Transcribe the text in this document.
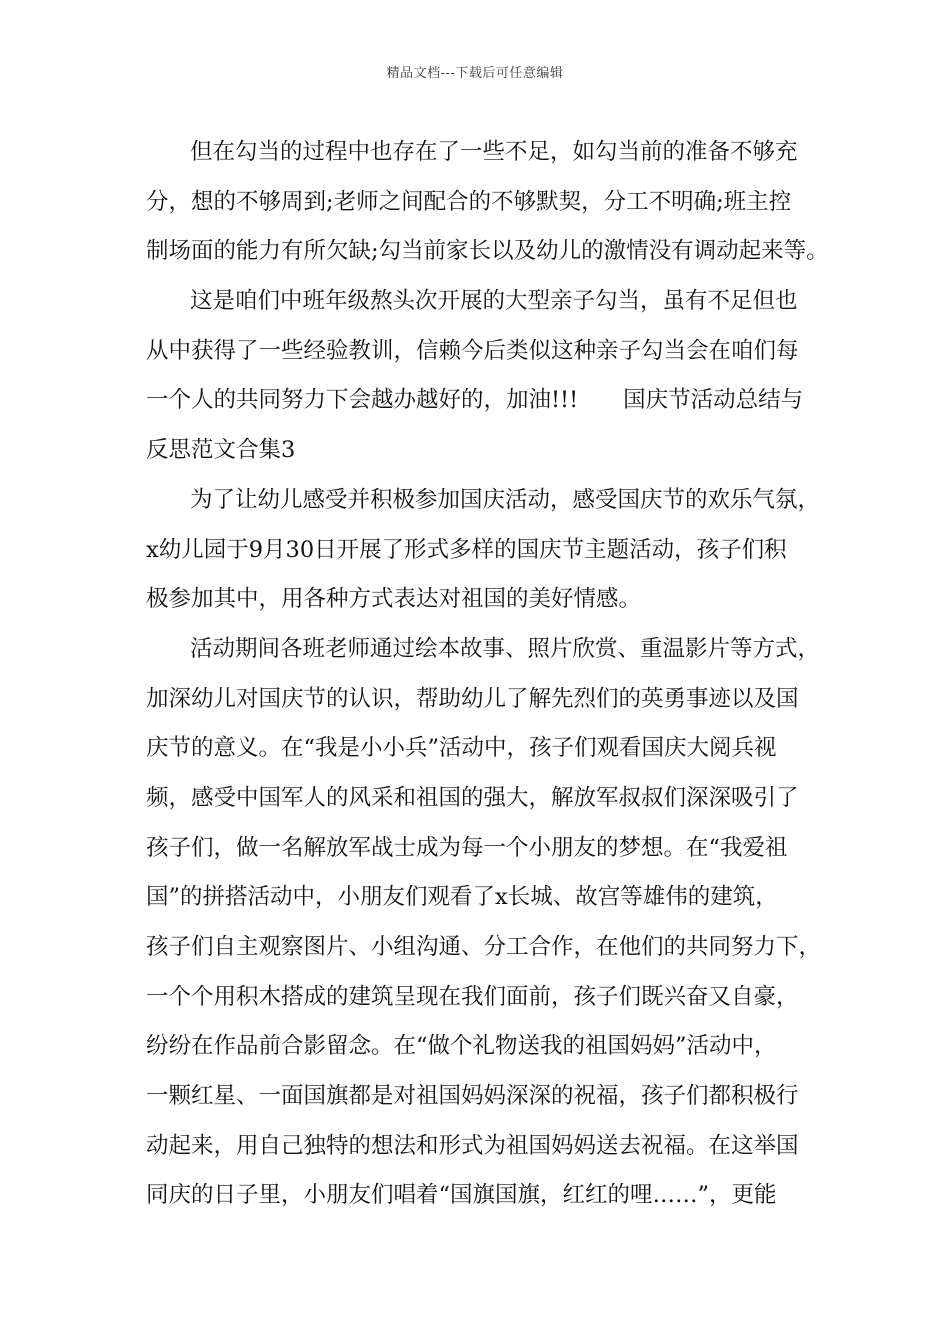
精品文档---下载后可任意编辑
但在勾当的过程中也存在了一些不足，如勾当前的准备不够充
分，想的不够周到;老师之间配合的不够默契，分工不明确;班主控
制场面的能力有所欠缺;勾当前家长以及幼儿的激情没有调动起来等。
这是咱们中班年级熬头次开展的大型亲子勾当，虽有不足但也
从中获得了一些经验教训，信赖今后类似这种亲子勾当会在咱们每
一个人的共同努力下会越办越好的，加油!!!　　国庆节活动总结与
反思范文合集3
为了让幼儿感受并积极参加国庆活动，感受国庆节的欢乐气氛，
x幼儿园于9月30日开展了形式多样的国庆节主题活动，孩子们积
极参加其中，用各种方式表达对祖国的美好情感。
活动期间各班老师通过绘本故事、照片欣赏、重温影片等方式，
加深幼儿对国庆节的认识，帮助幼儿了解先烈们的英勇事迹以及国
庆节的意义。在“我是小小兵”活动中，孩子们观看国庆大阅兵视
频，感受中国军人的风采和祖国的强大，解放军叔叔们深深吸引了
孩子们，做一名解放军战士成为每一个小朋友的梦想。在“我爱祖
国”的拼搭活动中，小朋友们观看了x长城、故宫等雄伟的建筑，
孩子们自主观察图片、小组沟通、分工合作，在他们的共同努力下，
一个个用积木搭成的建筑呈现在我们面前，孩子们既兴奋又自豪，
纷纷在作品前合影留念。在“做个礼物送我的祖国妈妈”活动中，
一颗红星、一面国旗都是对祖国妈妈深深的祝福，孩子们都积极行
动起来，用自己独特的想法和形式为祖国妈妈送去祝福。在这举国
同庆的日子里，小朋友们唱着“国旗国旗，红红的哩……”，更能
